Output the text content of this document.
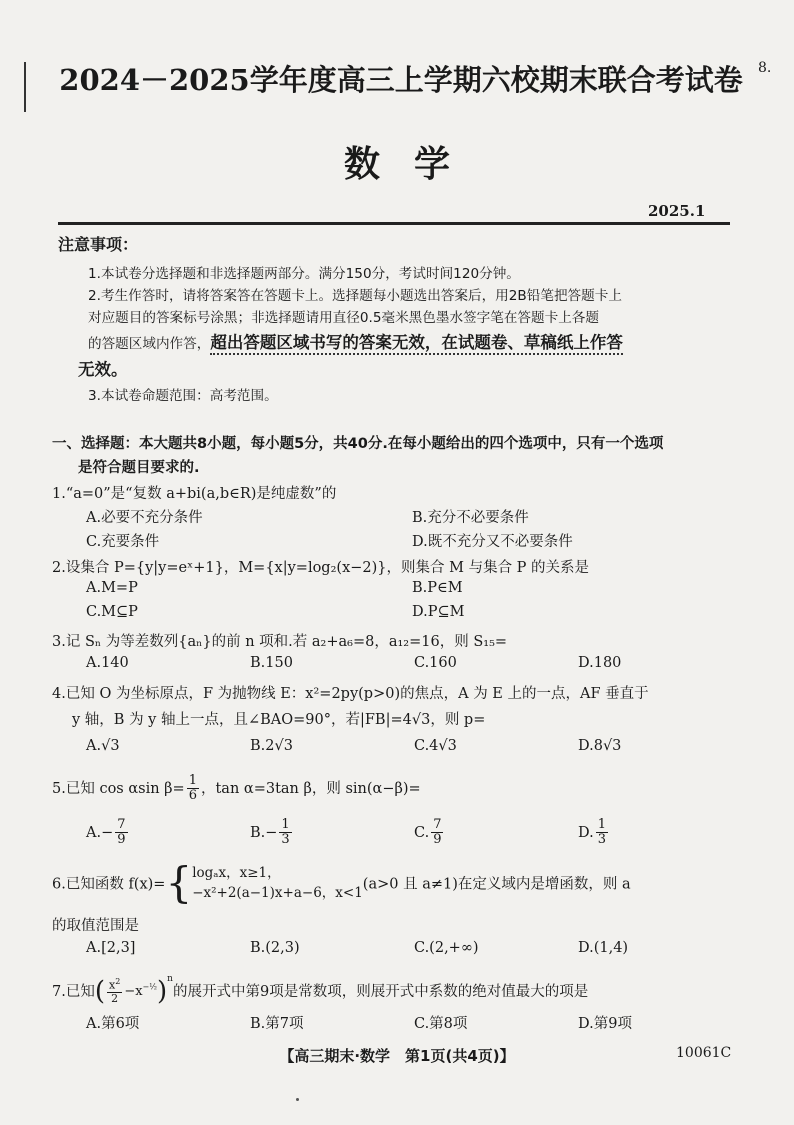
8.
2024－2025学年度高三上学期六校期末联合考试卷
数学
2025.1
注意事项：
1.本试卷分选择题和非选择题两部分。满分150分，考试时间120分钟。
2.考生作答时，请将答案答在答题卡上。选择题每小题选出答案后，用2B铅笔把答题卡上
对应题目的答案标号涂黑；非选择题请用直径0.5毫米黑色墨水签字笔在答题卡上各题
的答题区域内作答，超出答题区域书写的答案无效，在试题卷、草稿纸上作答
无效。
3.本试卷命题范围：高考范围。
一、选择题：本大题共8小题，每小题5分，共40分.在每小题给出的四个选项中，只有一个选项
是符合题目要求的.
1.“a=0”是“复数 a+bi(a,b∈R)是纯虚数”的
A.必要不充分条件	B.充分不必要条件
C.充要条件	D.既不充分又不必要条件
2.设集合 P={y|y=eˣ+1}，M={x|y=log₂(x−2)}，则集合 M 与集合 P 的关系是
A.M=P	B.P∈M
C.M⊆P	D.P⊆M
3.记 Sₙ 为等差数列{aₙ}的前 n 项和.若 a₂+a₆=8，a₁₂=16，则 S₁₅=
A.140	B.150	C.160	D.180
4.已知 O 为坐标原点，F 为抛物线 E：x²=2py(p>0)的焦点，A 为 E 上的一点，AF 垂直于
y 轴，B 为 y 轴上一点，且∠BAO=90°，若|FB|=4√3，则 p=
A.√3	B.2√3	C.4√3	D.8√3
5.已知 cos αsin $\beta= \frac{1}{6}$ ，tan α=3tan β，则 sin(α−β)=
$A.- \frac{7}{9}$	$B.- \frac{1}{3}$	C. $\frac{7}{9}$	D. $\frac{1}{3}$
6.已知函数 f(x)={ logₐx，x≥1，
−x²+2(a−1)x+a−6，x<1
(a>0 且 a≠1)在定义域内是增函数，则 a
的取值范围是
A.[2,3]	B.(2,3)	C.(2,+∞)	D.(1,4)
7.已知( $\frac{x^2}{2} -x^{-\frac{1}{2}})^n$的展开式中第9项是常数项，则展开式中系数的绝对值最大的项是
A.第6项	B.第7项	C.第8项	D.第9项
【高三期末·数学　第1页(共4页)】	10061C
